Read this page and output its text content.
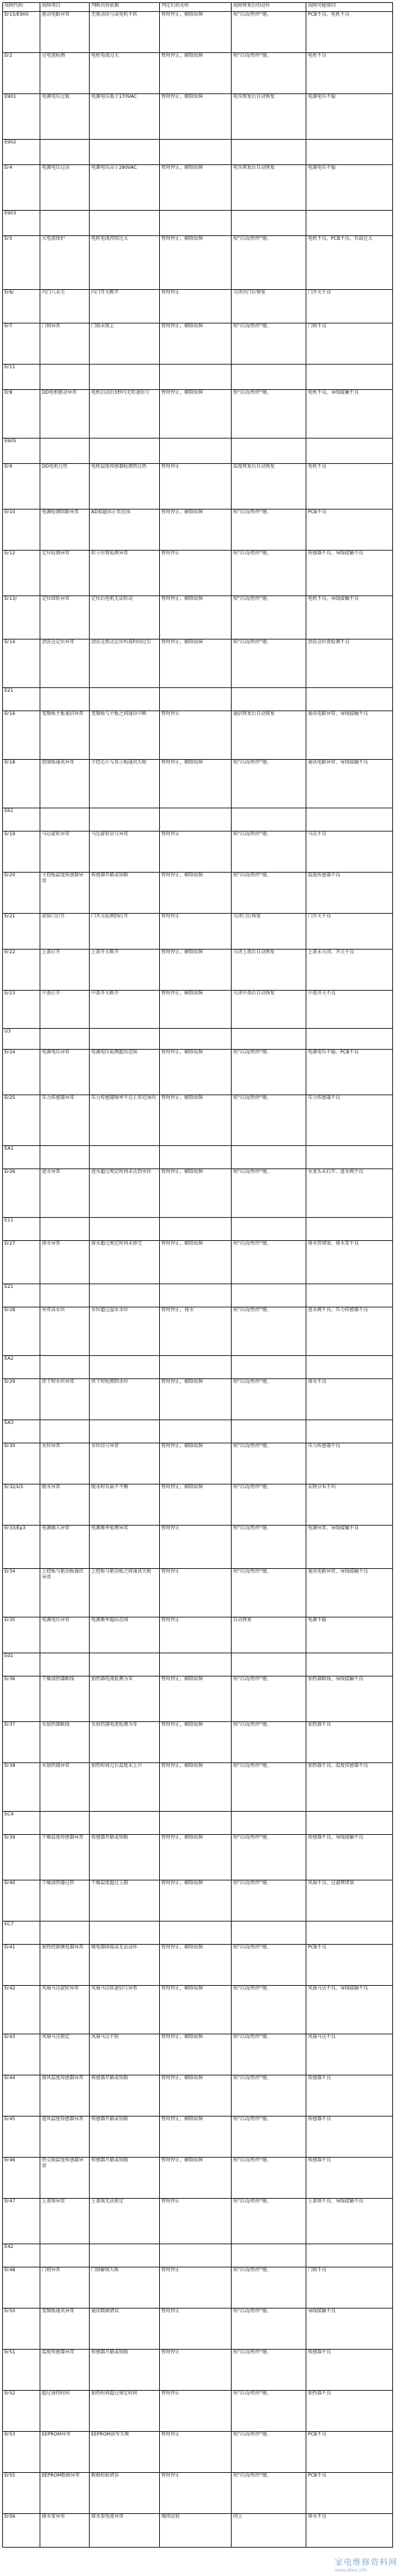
故障代码	故障项目	判断内容依据	判定后的动作	故障恢复后的动作	故障可能原因
Er15/E900	驱动电路异常	无驱动信号或电机不转	暂时停止，解除故障	按"启动/暂停"键。	PCB不良、电机不良
Er2	过电流检测	电机电流过大	暂时停止，解除故障	按"启动/暂停"键。	电机不良
E901	电源电压过低	电源电压低于170VAC	暂时停止，解除故障	电压恢复后自动恢复	电源电压不稳
E902					
Er4	电源电压过高	电源电压高于280VAC	暂时停止，解除故障	电压恢复后自动恢复	电源电压不稳
E903					
Er5	大电流保护	电机电流持续过大	暂时停止，解除故障	按"启动/暂停"键。	电机不良、PCB不良、负载过大
Er6/	内门八未关	内门开关断开	暂时停止	关闭内门后恢复	门开关不良
Er7	门锁异常	门锁未锁上	暂时停止，解除故障	按"启动/暂停"键。	门锁不良
Er11					
Er8	DD电机驱动异常	电机启动后3秒内无转速信号	暂时停止，解除故障	按"启动/暂停"键。	电机不良、导线接触不良
E905					
Er9	DD电机过热	电机温度传感器检测到过热	暂时停止	温度恢复后自动恢复	电机不良
Er10	电源检测回路异常	AD值超出正常范围	暂时停止，解除故障	按"启动/暂停"键。	PCB不良
Er12	定位检测异常	转子位置检测异常	暂时停止	按"启动/暂停"键。	传感器不良、导线接触不良
Er13/	定位回转异常	定位后电机无法转动	暂时停止，解除故障	按"启动/暂停"键。	电机不良、导线接触不良
Er14	清洗仓定位异常	清洗仓到达定位所需时间过长	暂时停止，解除故障	按"启动/暂停"键。	清洗仓位置检测不良
E21					
Er16	变频板主板通信异常	变频板与主板之间通信中断	暂时停止	通信恢复后自动恢复	通讯电路异常、导线接触不良
Er18	控制板通讯异常	主控芯片与显示板通讯失败	暂时停止，解除故障	按"启动/暂停"键。	通讯电路异常、导线接触不良
E61					
Er19	马达旋转异常	马达旋转信号异常	暂时停止	按"启动/暂停"键。	马达不良
Er20	主控板温度传感器异常	传感器开路或短路	暂时停止，解除故障	按"启动/暂停"键。	温度传感器不良
Er21	滚筒门打开	门开关检测到打开	暂时停止	关闭门后恢复	门开关不良
Er22	上盖打开	上盖开关断开	暂时停止，解除故障	关闭上盖后自动恢复	上盖未关闭、开关不良
Er23	中盖打开	中盖开关断开	暂时停止，解除故障	关闭中盖后自动恢复	中盖开关不良
U3					
Er24	电源电压异常	电源电压检测超出范围	暂时停止，解除故障	按"启动/暂停"键。	电源电压不稳、PCB不良
Er25	压力传感器异常	压力传感器频率不在正常范围内	暂时停止，解除故障	按"启动/暂停"键。	压力传感器不良
EA1					
Er26	进水异常	进水超过规定时间未达到水位	暂时停止，解除故障	按"启动/暂停"键。	水龙头未打开、进水阀不良
E11					
Er27	排水异常	排水超过规定时间未排完	暂时停止，解除故障	按"启动/暂停"键。	排水管堵塞、排水泵不良
E21					
Er28	异常高水位	水位超过溢水水位	暂时停止，排水	按"启动/暂停"键。	进水阀不良、压力传感器不良
EA2					
Er29	烘干时水位异常	烘干时检测到水位	暂时停止，解除故障	按"启动/暂停"键。	排水不良
EA3					
Er30	水位异常	水位信号异常	暂时停止，解除故障	按"启动/暂停"键。	压力传感器不良
Er32/U3	脱水异常	脱水时负载不平衡	暂时停止，解除故障	按"启动/暂停"键。	衣物分布不均
Er33/Ep3	电源插入异常	电源频率检测异常	暂时停止	按"启动/暂停"键。	电源异常、导线接触不良
Er34	上控板与驱动板通讯异常	上控板与驱动板之间通讯失败	暂时停止	按"启动/暂停"键。	通讯电路异常、导线接触不良
Er35	电源电压异常	电源频率超出范围	暂时停止	自动恢复	电源不稳
Ed1					
Er36	干燥加热器断线	加热器电流检测为零	暂时停止，解除故障	按"启动/暂停"键。	加热器断线、导线接触不良
Er37	水加热器断线	水加热器电流检测为零	暂时停止，解除故障	按"启动/暂停"键。	加热器不良
Er38	水加热器异常	加热时间过长温度未上升	暂时停止，解除故障	按"启动/暂停"键。	加热器不良、温度传感器不良
EC4					
Er39	干燥温度传感器异常	传感器开路或短路	暂时停止，解除故障	按"启动/暂停"键。	传感器不良、导线接触不良
Er40	干燥加热器过热	干燥温度超过上限	暂时停止，解除故障	按"启动/暂停"键。	风扇不良、过滤网堵塞
EC7					
Er41	加热控制继电器异常	继电器熔接或无法动作	暂时停止，解除故障	按"启动/暂停"键。	PCB不良
Er42	风扇马达旋转异常	风扇马达转速信号异常	暂时停止，解除故障	按"启动/暂停"键。	风扇马达不良、导线接触不良
Er43	风扇马达锁定	风扇马达不转	暂时停止，解除故障	按"启动/暂停"键。	风扇马达不良
Er44	排风温度传感器异常	传感器开路或短路	暂时停止，解除故障	按"启动/暂停"键。	传感器不良
Er45	进风温度传感器异常	传感器开路或短路	暂时停止，解除故障	按"启动/暂停"键。	传感器不良
Er46	热交换温度传感器异常	传感器开路或短路	暂时停止，解除故障	按"启动/暂停"键。	传感器不良
Er47	上盖锁异常	上盖锁无法锁定	暂时停止	按"启动/暂停"键。	上盖锁不良、导线接触不良
E42					
Er48	门锁异常	门锁解锁失败	暂时停止	按"启动/暂停"键。	门锁不良
Er50	变频板通讯异常	通讯数据错误	暂时停止	按"启动/暂停"键。	导线接触不良
Er51	温度传感器异常	传感器开路或短路	暂时停止	按"启动/暂停"键。	传感器不良
Er52	超过加热时间	加热时间超过规定时间	暂时停止	按"启动/暂停"键。	加热器不良
Er53	EEPROM异常	EEPROM读写失败	暂时停止	按"启动/暂停"键。	PCB不良
Er55	EEPROM数据异常	数据校验错误	暂时停止	按"启动/暂停"键。	PCB不良
Er56	排水泵异常	排水泵电流异常	继续运转	同上	排水不良
家电维修资料网
www.jdwx.info
